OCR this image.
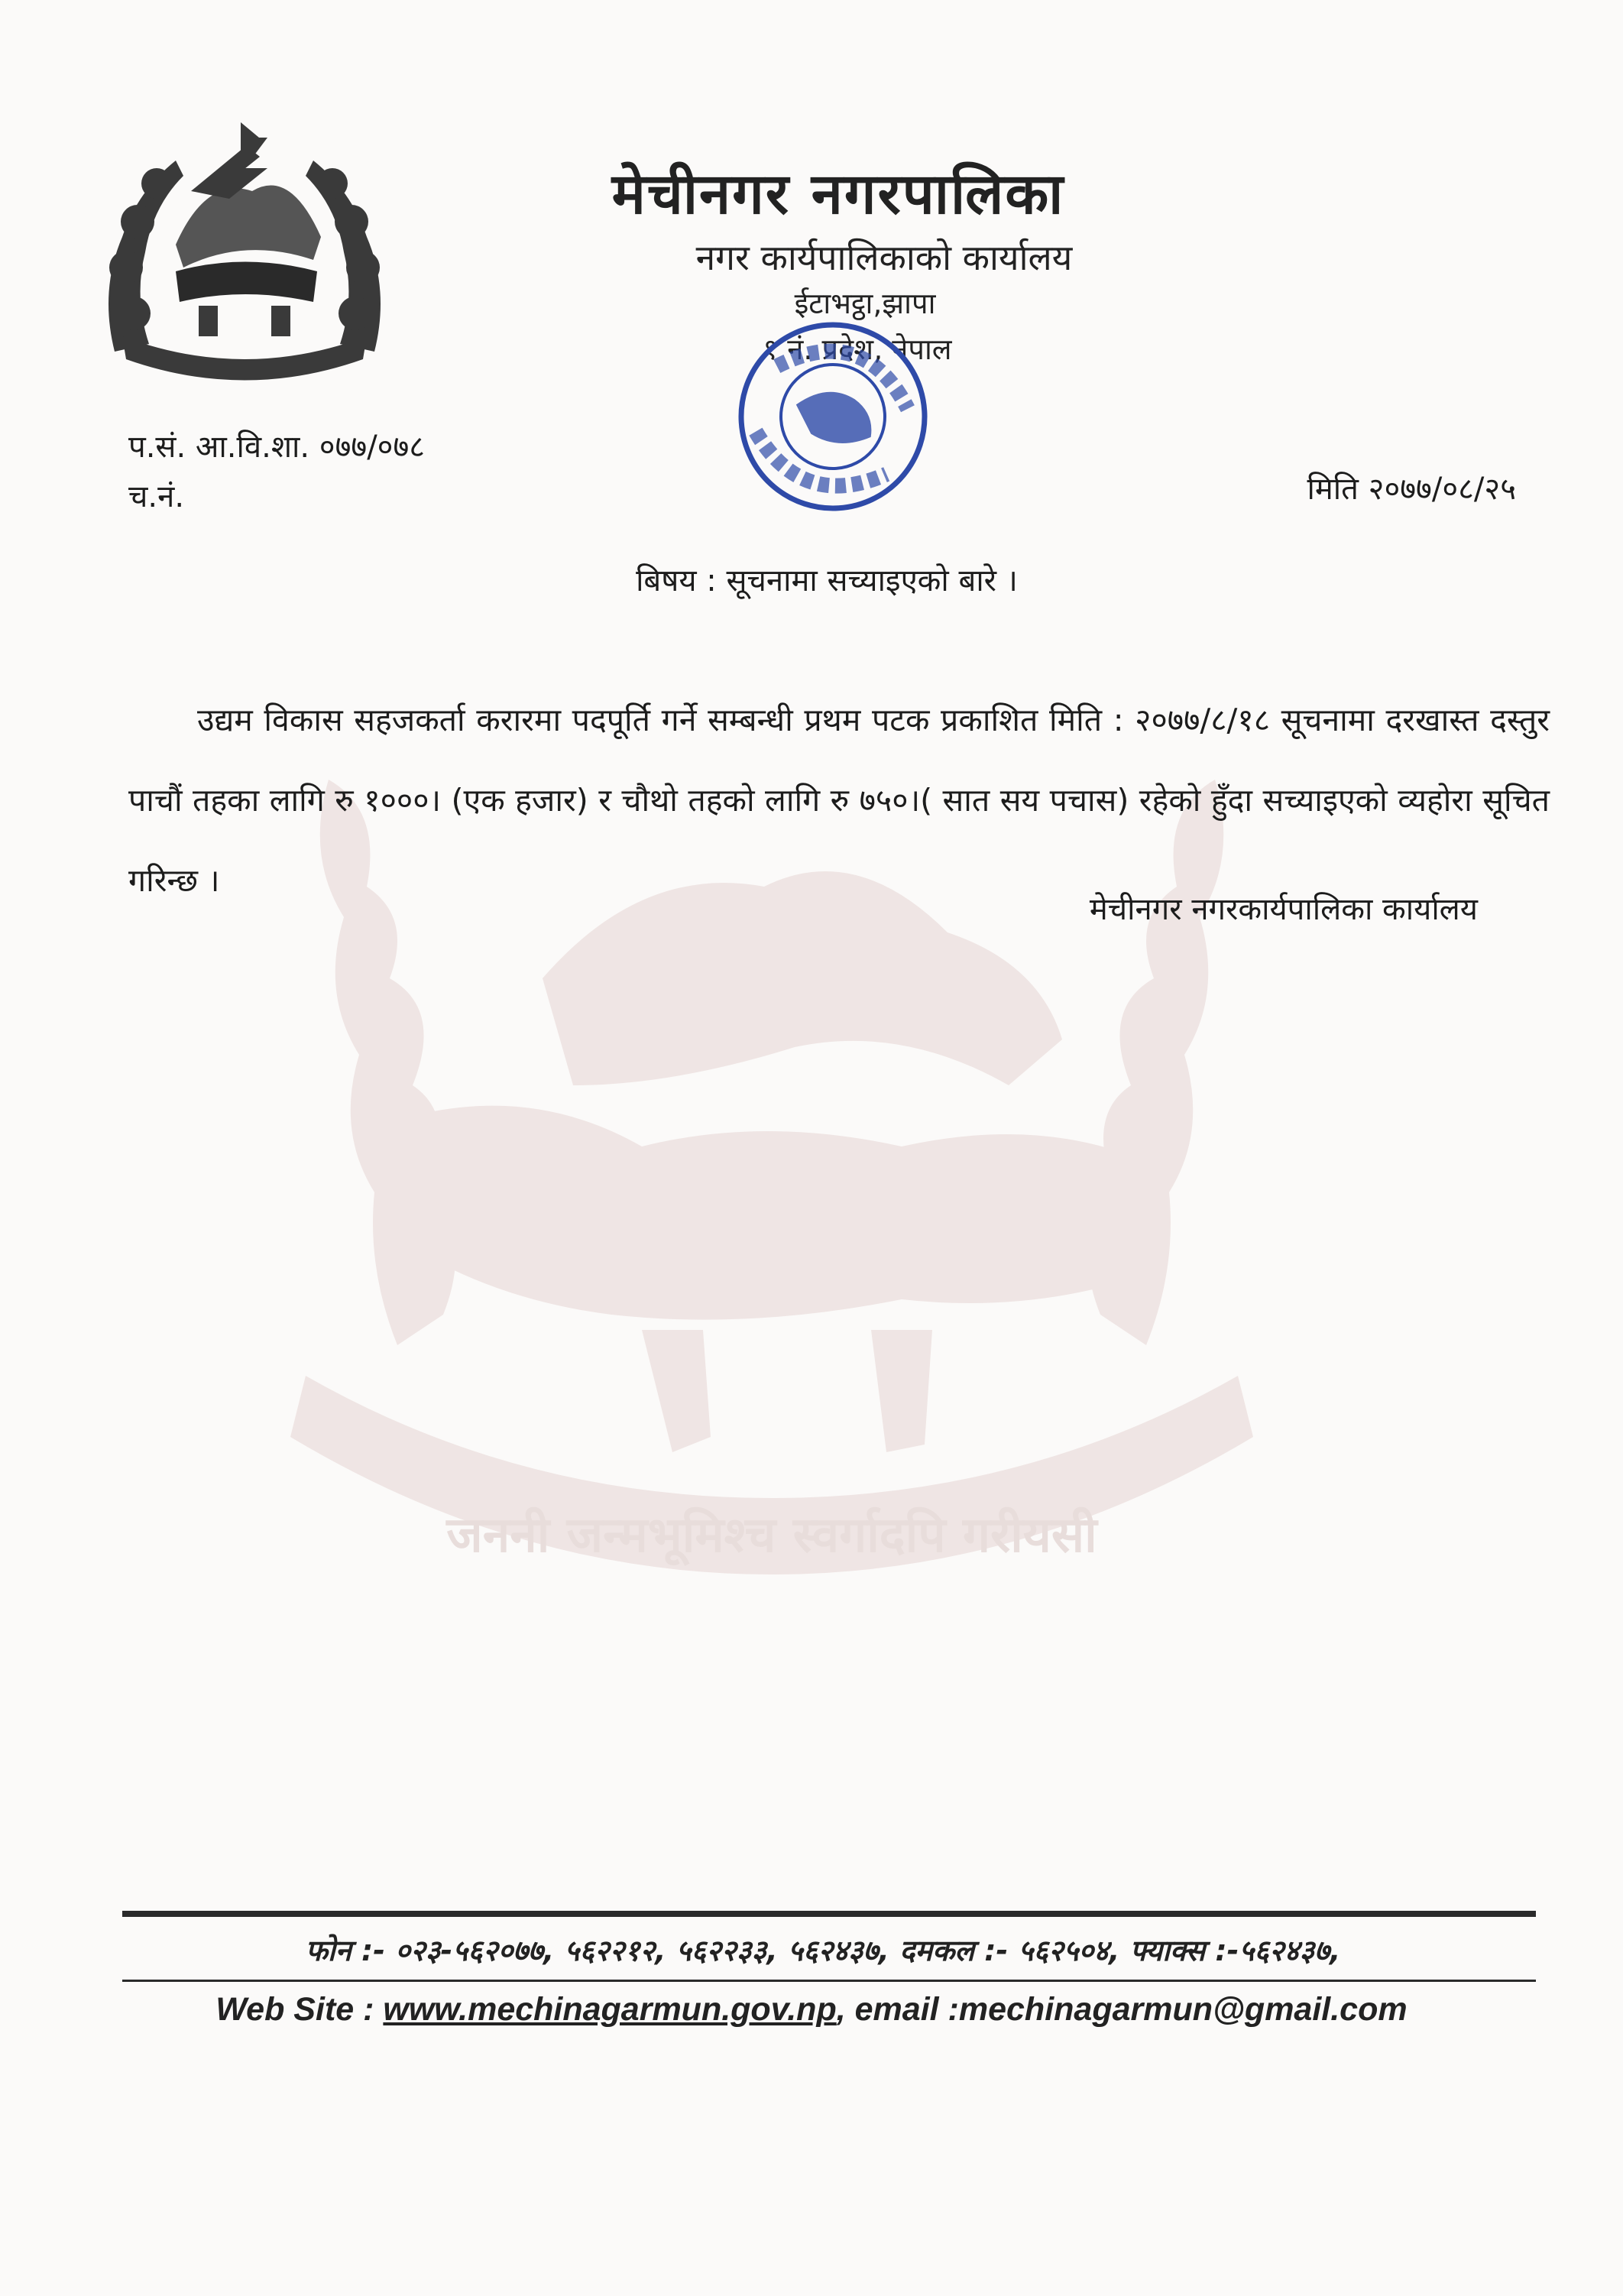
जननी जन्मभूमिश्च स्वर्गादपि गरीयसी
मेचीनगर नगरपालिका
नगर कार्यपालिकाको कार्यालय
ईटाभट्ठा,झापा
१ नं. प्रदेश, नेपाल
प.सं. आ.वि.शा. ०७७/०७८
च.नं.	मिति २०७७/०८/२५
बिषय : सूचनामा सच्याइएको बारे ।
उद्यम विकास सहजकर्ता करारमा पदपूर्ति गर्ने सम्बन्धी प्रथम पटक प्रकाशित मिति : २०७७/८/१८ सूचनामा दरखास्त दस्तुर पाचौं तहका लागि रु १०००। (एक हजार) र चौथो तहको लागि रु ७५०।( सात सय पचास) रहेको हुँदा सच्याइएको व्यहोरा सूचित गरिन्छ ।
मेचीनगर नगरकार्यपालिका कार्यालय
फोन :- ०२३-५६२०७७, ५६२२१२, ५६२२३३, ५६२४३७, दमकल :- ५६२५०४, फ्याक्स :-५६२४३७,
Web Site : www.mechinagarmun.gov.np, email :mechinagarmun@gmail.com
